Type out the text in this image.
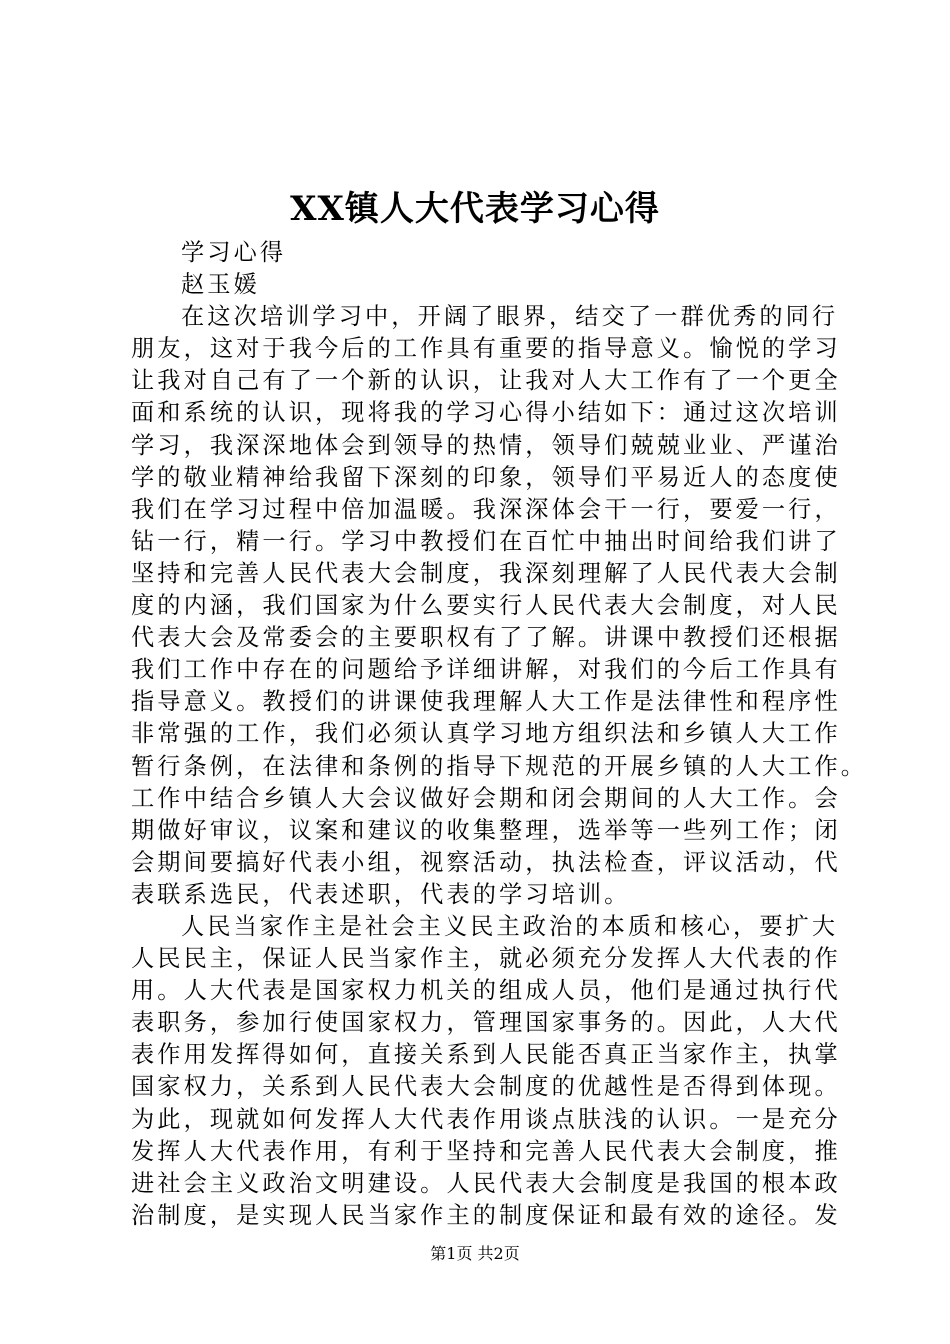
XX镇人大代表学习心得
学习心得
赵玉媛
在这次培训学习中，开阔了眼界，结交了一群优秀的同行
朋友，这对于我今后的工作具有重要的指导意义。愉悦的学习
让我对自己有了一个新的认识，让我对人大工作有了一个更全
面和系统的认识，现将我的学习心得小结如下：通过这次培训
学习，我深深地体会到领导的热情，领导们兢兢业业、严谨治
学的敬业精神给我留下深刻的印象，领导们平易近人的态度使
我们在学习过程中倍加温暖。我深深体会干一行，要爱一行，
钻一行，精一行。学习中教授们在百忙中抽出时间给我们讲了
坚持和完善人民代表大会制度，我深刻理解了人民代表大会制
度的内涵，我们国家为什么要实行人民代表大会制度，对人民
代表大会及常委会的主要职权有了了解。讲课中教授们还根据
我们工作中存在的问题给予详细讲解，对我们的今后工作具有
指导意义。教授们的讲课使我理解人大工作是法律性和程序性
非常强的工作，我们必须认真学习地方组织法和乡镇人大工作
暂行条例，在法律和条例的指导下规范的开展乡镇的人大工作。
工作中结合乡镇人大会议做好会期和闭会期间的人大工作。会
期做好审议，议案和建议的收集整理，选举等一些列工作；闭
会期间要搞好代表小组，视察活动，执法检查，评议活动，代
表联系选民，代表述职，代表的学习培训。
人民当家作主是社会主义民主政治的本质和核心，要扩大
人民民主，保证人民当家作主，就必须充分发挥人大代表的作
用。人大代表是国家权力机关的组成人员，他们是通过执行代
表职务，参加行使国家权力，管理国家事务的。因此，人大代
表作用发挥得如何，直接关系到人民能否真正当家作主，执掌
国家权力，关系到人民代表大会制度的优越性是否得到体现。
为此，现就如何发挥人大代表作用谈点肤浅的认识。一是充分
发挥人大代表作用，有利于坚持和完善人民代表大会制度，推
进社会主义政治文明建设。人民代表大会制度是我国的根本政
治制度，是实现人民当家作主的制度保证和最有效的途径。发
第1页 共2页
